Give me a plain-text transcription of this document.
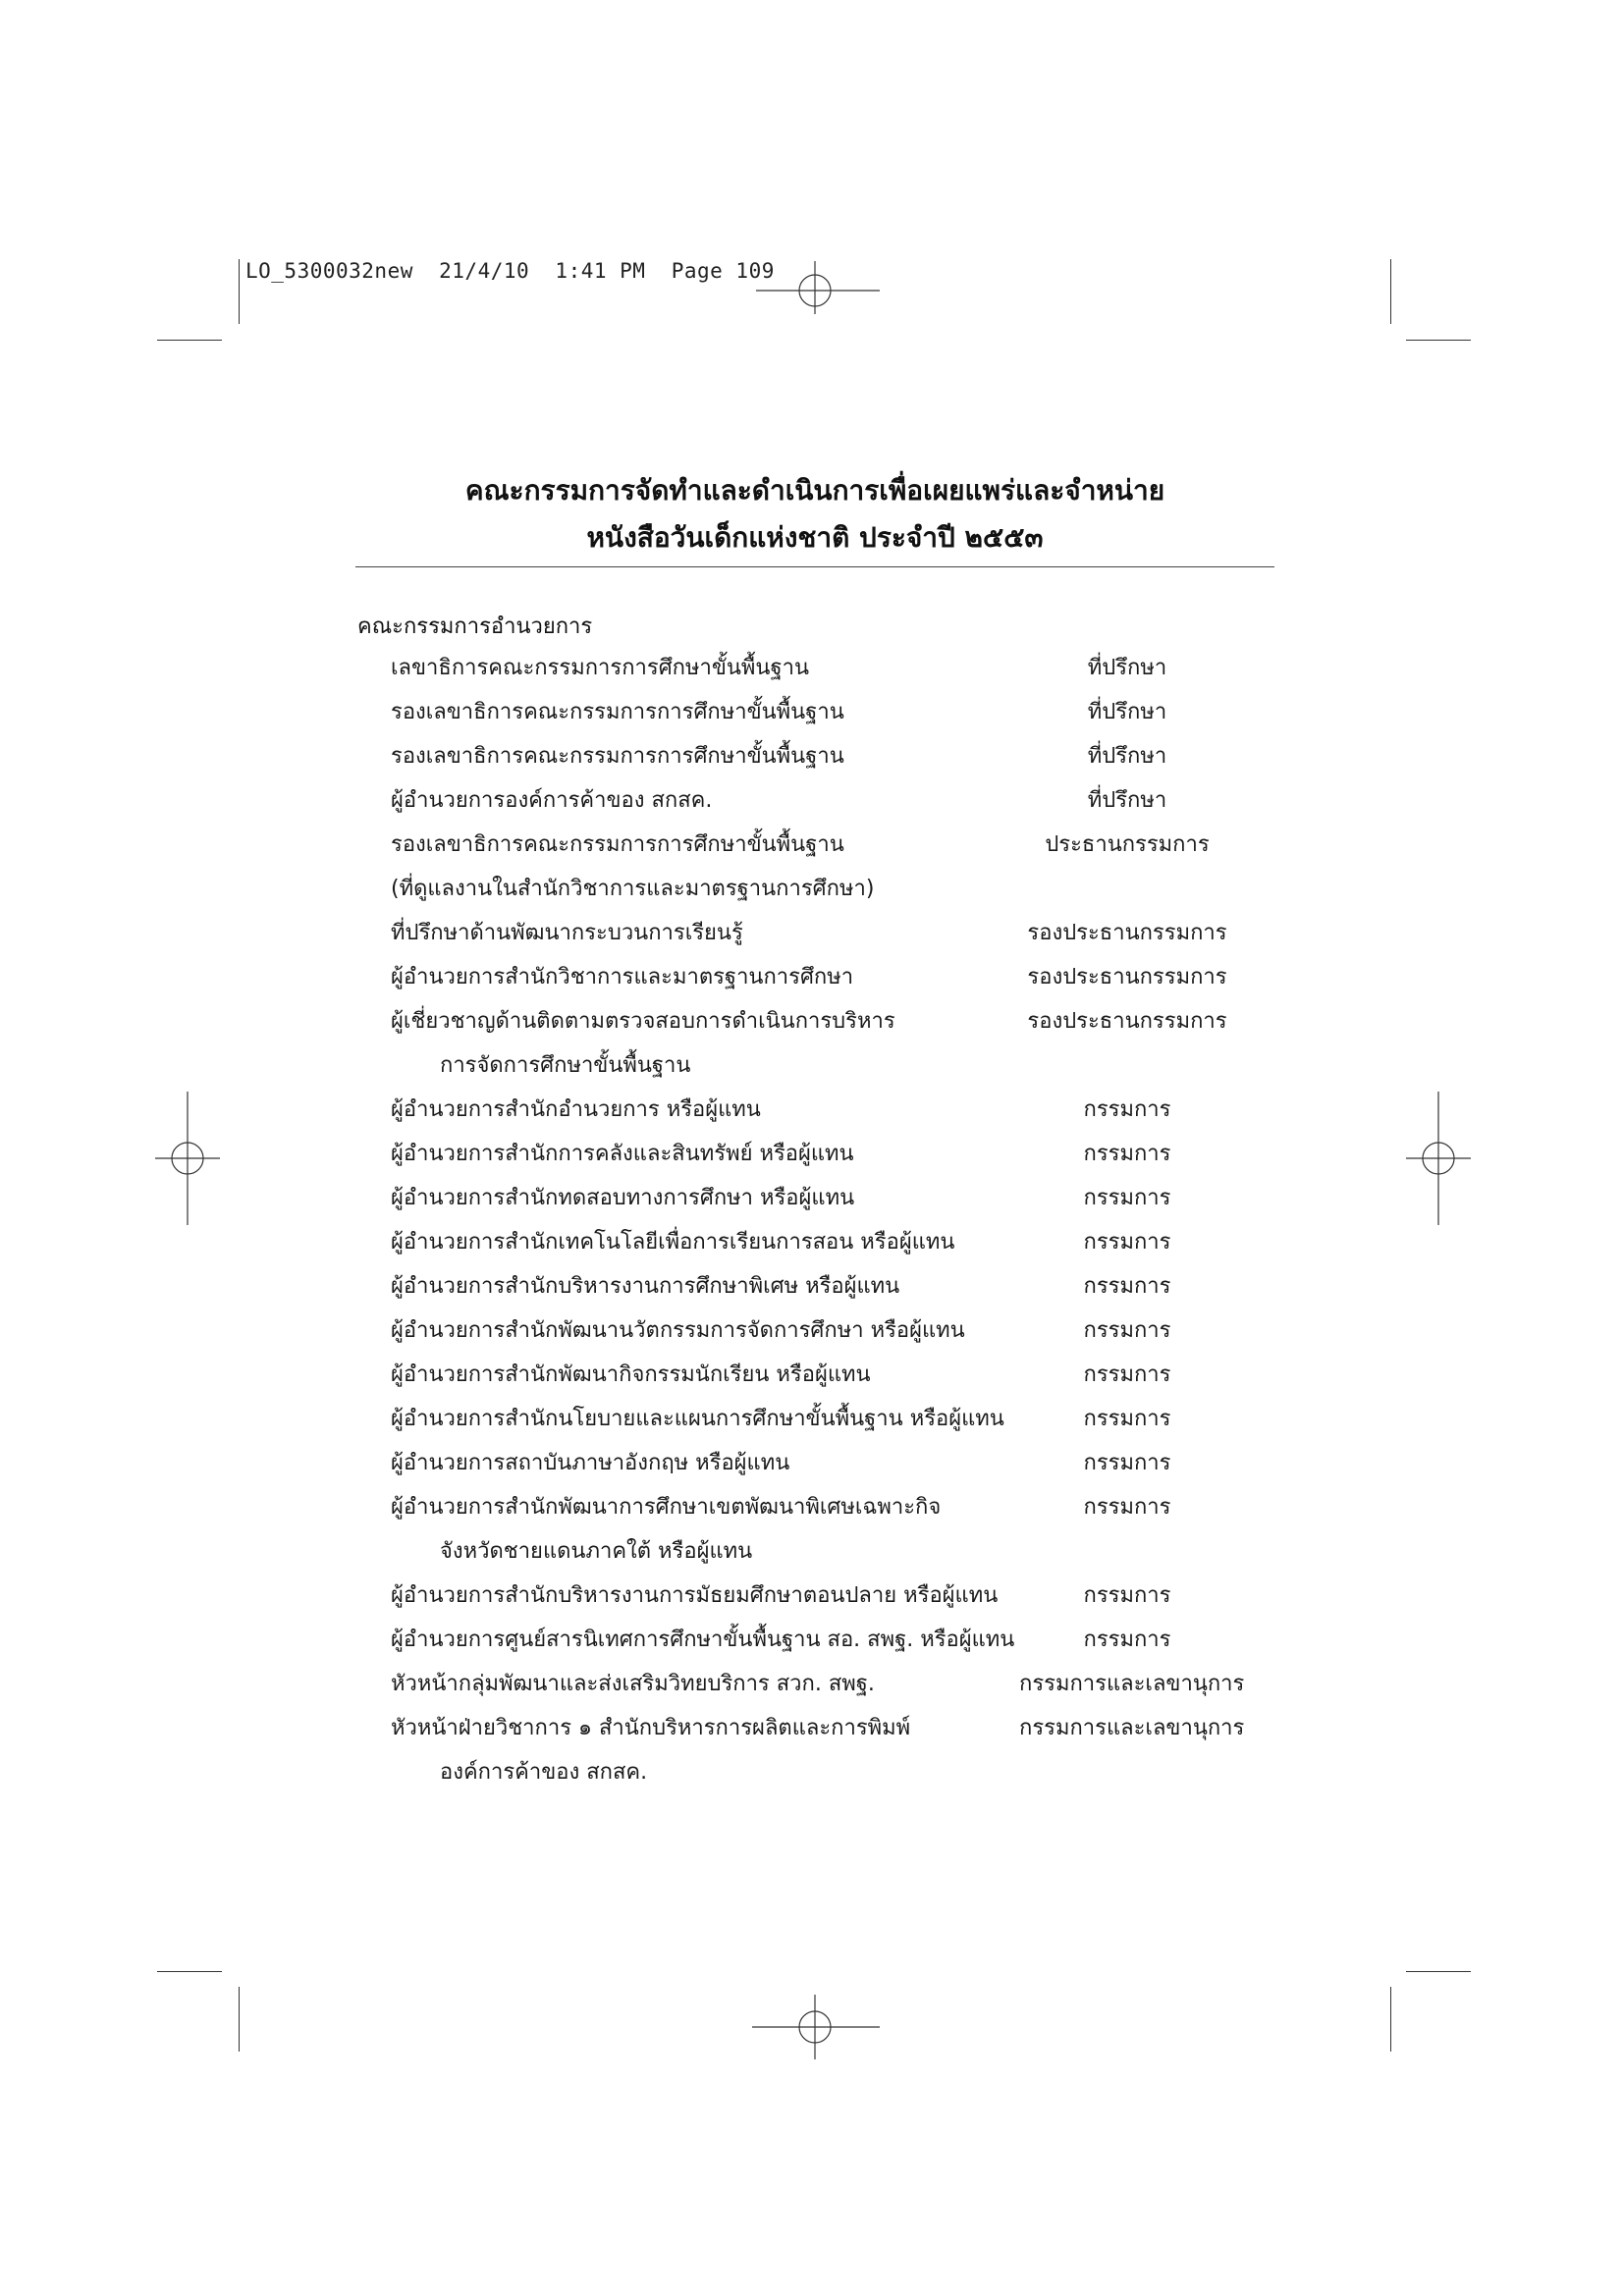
LO_5300032new  21/4/10  1:41 PM  Page 109
คณะกรรมการจัดทำและดำเนินการเพื่อเผยแพร่และจำหน่าย
หนังสือวันเด็กแห่งชาติ ประจำปี ๒๕๕๓
คณะกรรมการอำนวยการ
เลขาธิการคณะกรรมการการศึกษาขั้นพื้นฐาน	ที่ปรึกษา
รองเลขาธิการคณะกรรมการการศึกษาขั้นพื้นฐาน	ที่ปรึกษา
รองเลขาธิการคณะกรรมการการศึกษาขั้นพื้นฐาน	ที่ปรึกษา
ผู้อำนวยการองค์การค้าของ สกสค.	ที่ปรึกษา
รองเลขาธิการคณะกรรมการการศึกษาขั้นพื้นฐาน	ประธานกรรมการ
(ที่ดูแลงานในสำนักวิชาการและมาตรฐานการศึกษา)
ที่ปรึกษาด้านพัฒนากระบวนการเรียนรู้	รองประธานกรรมการ
ผู้อำนวยการสำนักวิชาการและมาตรฐานการศึกษา	รองประธานกรรมการ
ผู้เชี่ยวชาญด้านติดตามตรวจสอบการดำเนินการบริหาร	รองประธานกรรมการ
การจัดการศึกษาขั้นพื้นฐาน
ผู้อำนวยการสำนักอำนวยการ หรือผู้แทน	กรรมการ
ผู้อำนวยการสำนักการคลังและสินทรัพย์ หรือผู้แทน	กรรมการ
ผู้อำนวยการสำนักทดสอบทางการศึกษา หรือผู้แทน	กรรมการ
ผู้อำนวยการสำนักเทคโนโลยีเพื่อการเรียนการสอน หรือผู้แทน	กรรมการ
ผู้อำนวยการสำนักบริหารงานการศึกษาพิเศษ หรือผู้แทน	กรรมการ
ผู้อำนวยการสำนักพัฒนานวัตกรรมการจัดการศึกษา หรือผู้แทน	กรรมการ
ผู้อำนวยการสำนักพัฒนากิจกรรมนักเรียน หรือผู้แทน	กรรมการ
ผู้อำนวยการสำนักนโยบายและแผนการศึกษาขั้นพื้นฐาน หรือผู้แทน	กรรมการ
ผู้อำนวยการสถาบันภาษาอังกฤษ หรือผู้แทน	กรรมการ
ผู้อำนวยการสำนักพัฒนาการศึกษาเขตพัฒนาพิเศษเฉพาะกิจ	กรรมการ
จังหวัดชายแดนภาคใต้ หรือผู้แทน
ผู้อำนวยการสำนักบริหารงานการมัธยมศึกษาตอนปลาย หรือผู้แทน	กรรมการ
ผู้อำนวยการศูนย์สารนิเทศการศึกษาขั้นพื้นฐาน สอ. สพฐ. หรือผู้แทน	กรรมการ
หัวหน้ากลุ่มพัฒนาและส่งเสริมวิทยบริการ สวก. สพฐ.	กรรมการและเลขานุการ
หัวหน้าฝ่ายวิชาการ ๑ สำนักบริหารการผลิตและการพิมพ์	กรรมการและเลขานุการ
องค์การค้าของ สกสค.
